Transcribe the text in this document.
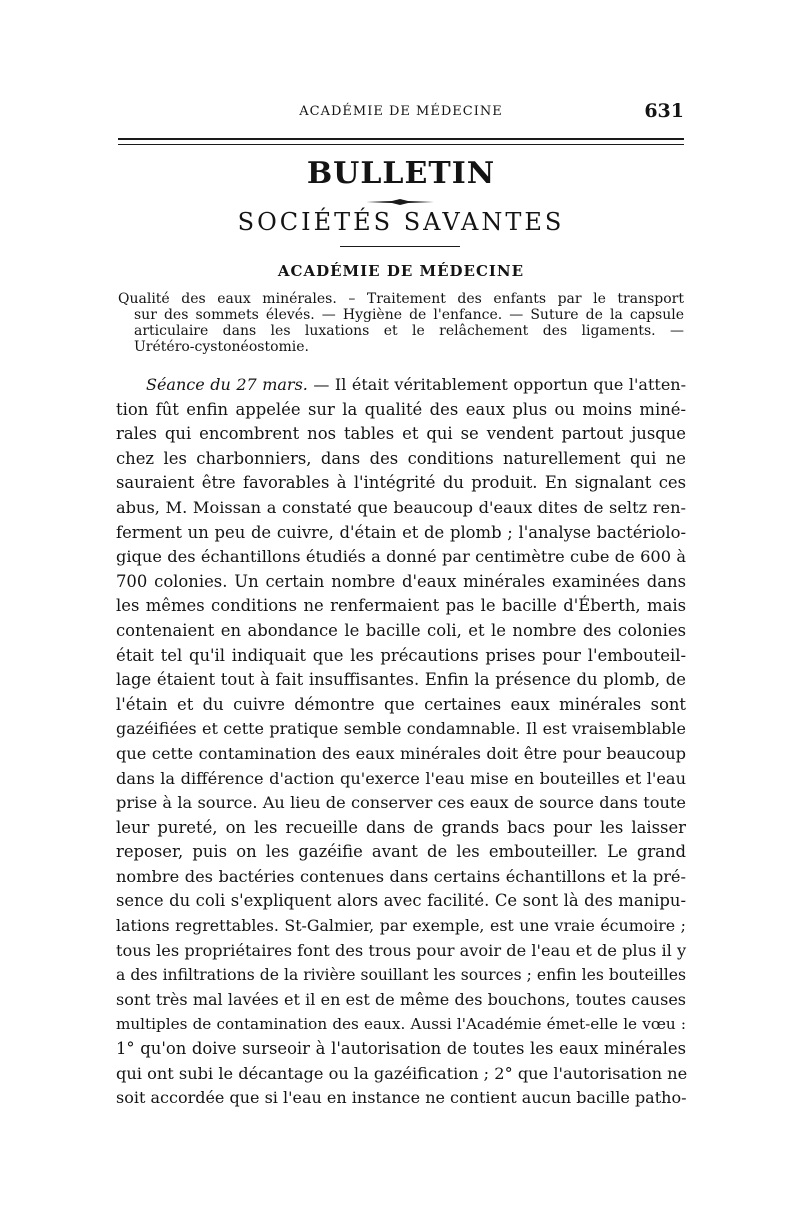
ACADÉMIE DE MÉDECINE	631
BULLETIN
SOCIÉTÉS SAVANTES
ACADÉMIE DE MÉDECINE
Qualité des eaux minérales. – Traitement des enfants par le transport
sur des sommets élevés. — Hygiène de l'enfance. — Suture de la capsule
articulaire dans les luxations et le relâchement des ligaments. —
Urétéro-cystonéostomie.
Séance du 27 mars. — Il était véritablement opportun que l'atten-
tion fût enfin appelée sur la qualité des eaux plus ou moins miné-
rales qui encombrent nos tables et qui se vendent partout jusque
chez les charbonniers, dans des conditions naturellement qui ne
sauraient être favorables à l'intégrité du produit. En signalant ces
abus, M. Moissan a constaté que beaucoup d'eaux dites de seltz ren-
ferment un peu de cuivre, d'étain et de plomb ; l'analyse bactériolo-
gique des échantillons étudiés a donné par centimètre cube de 600 à
700 colonies. Un certain nombre d'eaux minérales examinées dans
les mêmes conditions ne renfermaient pas le bacille d'Éberth, mais
contenaient en abondance le bacille coli, et le nombre des colonies
était tel qu'il indiquait que les précautions prises pour l'embouteil-
lage étaient tout à fait insuffisantes. Enfin la présence du plomb, de
l'étain et du cuivre démontre que certaines eaux minérales sont
gazéifiées et cette pratique semble condamnable. Il est vraisemblable
que cette contamination des eaux minérales doit être pour beaucoup
dans la différence d'action qu'exerce l'eau mise en bouteilles et l'eau
prise à la source. Au lieu de conserver ces eaux de source dans toute
leur pureté, on les recueille dans de grands bacs pour les laisser
reposer, puis on les gazéifie avant de les embouteiller. Le grand
nombre des bactéries contenues dans certains échantillons et la pré-
sence du coli s'expliquent alors avec facilité. Ce sont là des manipu-
lations regrettables. St-Galmier, par exemple, est une vraie écumoire ;
tous les propriétaires font des trous pour avoir de l'eau et de plus il y
a des infiltrations de la rivière souillant les sources ; enfin les bouteilles
sont très mal lavées et il en est de même des bouchons, toutes causes
multiples de contamination des eaux. Aussi l'Académie émet-elle le vœu :
1° qu'on doive surseoir à l'autorisation de toutes les eaux minérales
qui ont subi le décantage ou la gazéification ; 2° que l'autorisation ne
soit accordée que si l'eau en instance ne contient aucun bacille patho-
